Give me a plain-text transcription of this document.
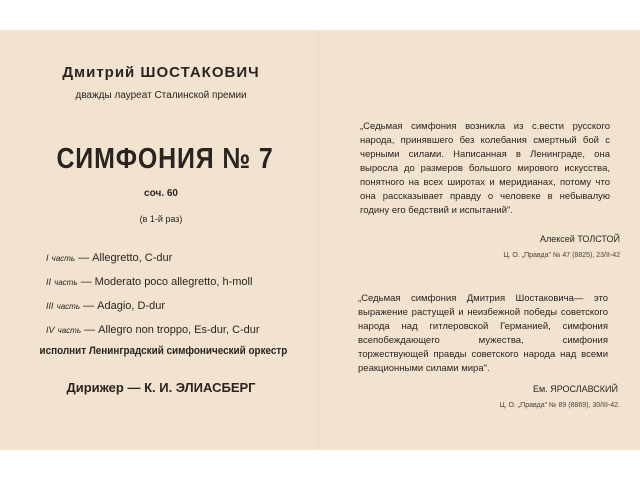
Дмитрий ШОСТАКОВИЧ
дважды лауреат Сталинской премии
СИМФОНИЯ № 7
соч. 60
(в 1-й раз)
I часть — Allegretto, C-dur
II часть — Moderato poco allegretto, h-moll
III часть — Adagio, D-dur
IV часть — Allegro non troppo, Es-dur, C-dur
исполнит Ленинградский симфонический оркестр
Дирижер — К. И. ЭЛИАСБЕРГ

„Седьмая симфония возникла из с.вести русского народа, принявшего без колебания смертный бой с черными силами. Написанная в Ленинграде, она выросла до размеров большого мирового искусства, понятного на всех широтах и меридианах, потому что она рассказывает правду о человеке в небывалую годину его бедствий и испытаний".

Алексей ТОЛСТОЙ
Ц. О. „Правда" № 47 (8825), 23/II-42

„Седьмая симфония Дмитрия Шостаковича— это выражение растущей и неизбежной победы советского народа над гитлеровской Германией, симфония всепобеждающего мужества, симфония торжествующей правды советского народа над всеми реакционными силами мира".

Ем. ЯРОСЛАВСКИЙ
Ц. О. „Правда" № 89 (8869), 30/III-42.
